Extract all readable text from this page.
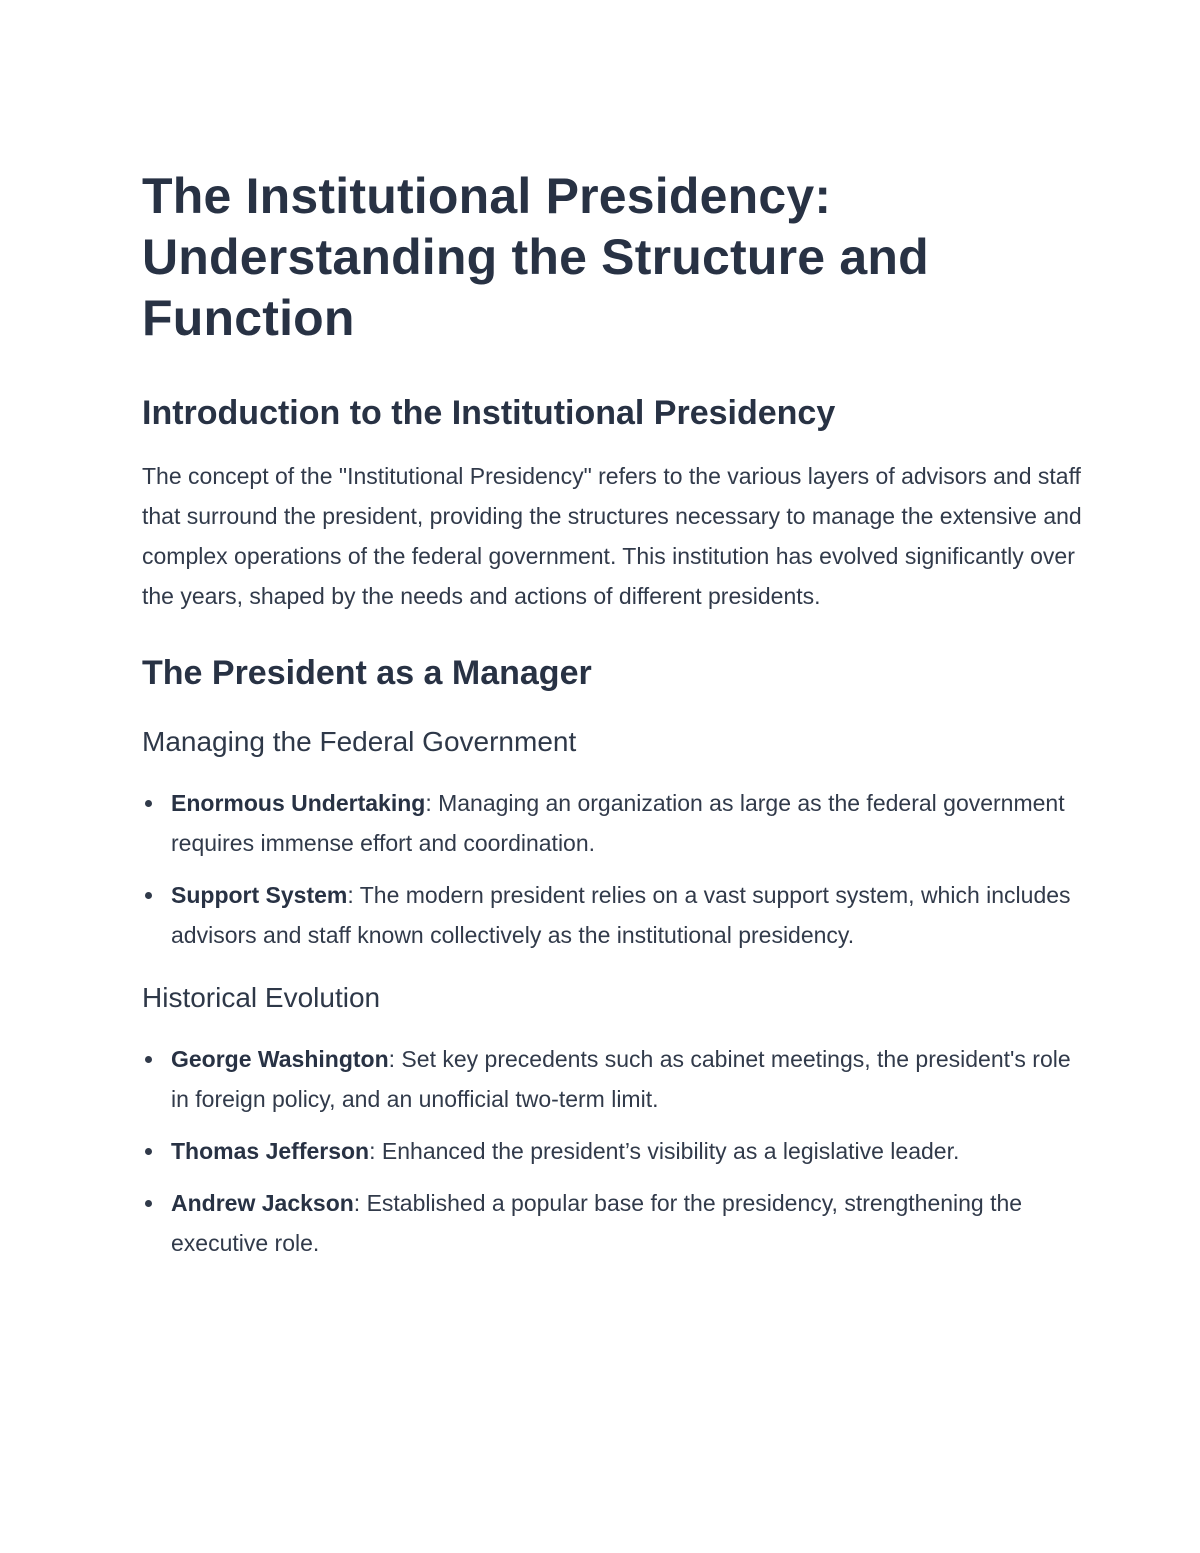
The Institutional Presidency: Understanding the Structure and Function
Introduction to the Institutional Presidency

The concept of the "Institutional Presidency" refers to the various layers of advisors and staff that surround the president, providing the structures necessary to manage the extensive and complex operations of the federal government. This institution has evolved significantly over the years, shaped by the needs and actions of different presidents.

The President as a Manager
Managing the Federal Government
Enormous Undertaking: Managing an organization as large as the federal government requires immense effort and coordination.
Support System: The modern president relies on a vast support system, which includes advisors and staff known collectively as the institutional presidency.
Historical Evolution
George Washington: Set key precedents such as cabinet meetings, the president's role in foreign policy, and an unofficial two-term limit.
Thomas Jefferson: Enhanced the president’s visibility as a legislative leader.
Andrew Jackson: Established a popular base for the presidency, strengthening the executive role.
